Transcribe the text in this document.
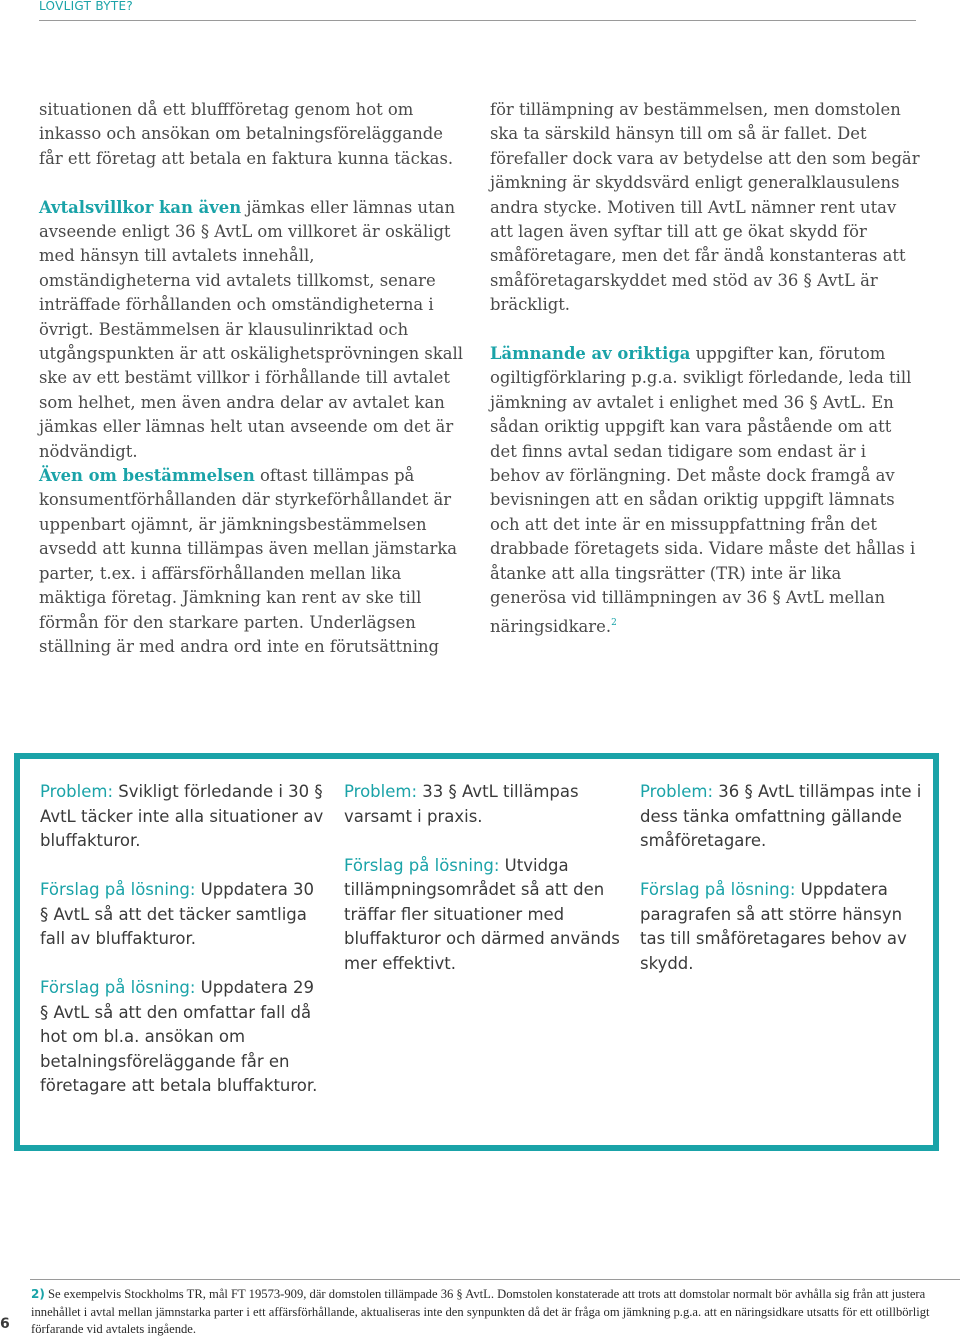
LOVLIGT BYTE?

situationen då ett bluffföretag genom hot om inkasso och ansökan om betalningsföreläggande får ett företag att betala en faktura kunna täckas.

Avtalsvillkor kan även jämkas eller lämnas utan avseende enligt 36 § AvtL om villkoret är oskäligt med hänsyn till avtalets innehåll, omständigheterna vid avtalets tillkomst, senare inträffade förhållanden och omständigheterna i övrigt. Bestämmelsen är klausulinriktad och utgångspunkten är att oskälighetsprövningen skall ske av ett bestämt villkor i förhållande till avtalet som helhet, men även andra delar av avtalet kan jämkas eller lämnas helt utan avseende om det är nödvändigt.

Även om bestämmelsen oftast tillämpas på konsumentförhållanden där styrkeförhållandet är uppenbart ojämnt, är jämkningsbestämmelsen avsedd att kunna tillämpas även mellan jämstarka parter, t.ex. i affärsförhållanden mellan lika mäktiga företag. Jämkning kan rent av ske till förmån för den starkare parten. Underlägsen ställning är med andra ord inte en förutsättning

för tillämpning av bestämmelsen, men domstolen ska ta särskild hänsyn till om så är fallet. Det förefaller dock vara av betydelse att den som begär jämkning är skyddsvärd enligt generalklausulens andra stycke. Motiven till AvtL nämner rent utav att lagen även syftar till att ge ökat skydd för småföretagare, men det får ändå konstanteras att småföretagarskyddet med stöd av 36 § AvtL är bräckligt.

Lämnande av oriktiga uppgifter kan, förutom ogiltigförklaring p.g.a. svikligt förledande, leda till jämkning av avtalet i enlighet med 36 § AvtL. En sådan oriktig uppgift kan vara påstående om att det finns avtal sedan tidigare som endast är i behov av förlängning. Det måste dock framgå av bevisningen att en sådan oriktig uppgift lämnats och att det inte är en missuppfattning från det drabbade företagets sida. Vidare måste det hållas i åtanke att alla tingsrätter (TR) inte är lika generösa vid tillämpningen av 36 § AvtL mellan näringsidkare.$^2$

Problem: Svikligt förledande i 30 § AvtL täcker inte alla situationer av bluffakturor.

Förslag på lösning: Uppdatera 30 § AvtL så att det täcker samtliga fall av bluffakturor.

Förslag på lösning: Uppdatera 29 § AvtL så att den omfattar fall då hot om bl.a. ansökan om betalningsföreläggande får en företagare att betala bluffakturor.

Problem: 33 § AvtL tillämpas varsamt i praxis.

Förslag på lösning: Utvidga tillämpningsområdet så att den träffar fler situationer med bluffakturor och därmed används mer effektivt.

Problem: 36 § AvtL tillämpas inte i dess tänka omfattning gällande småföretagare.

Förslag på lösning: Uppdatera paragrafen så att större hänsyn tas till småföretagares behov av skydd.

6
2) Se exempelvis Stockholms TR, mål FT 19573-909, där domstolen tillämpade 36 § AvtL. Domstolen konstaterade att trots att domstolar normalt bör avhålla sig från att justera innehållet i avtal mellan jämnstarka parter i ett affärsförhållande, aktualiseras inte den synpunkten då det är fråga om jämkning p.g.a. att en näringsidkare utsatts för ett otillbörligt förfarande vid avtalets ingående.
